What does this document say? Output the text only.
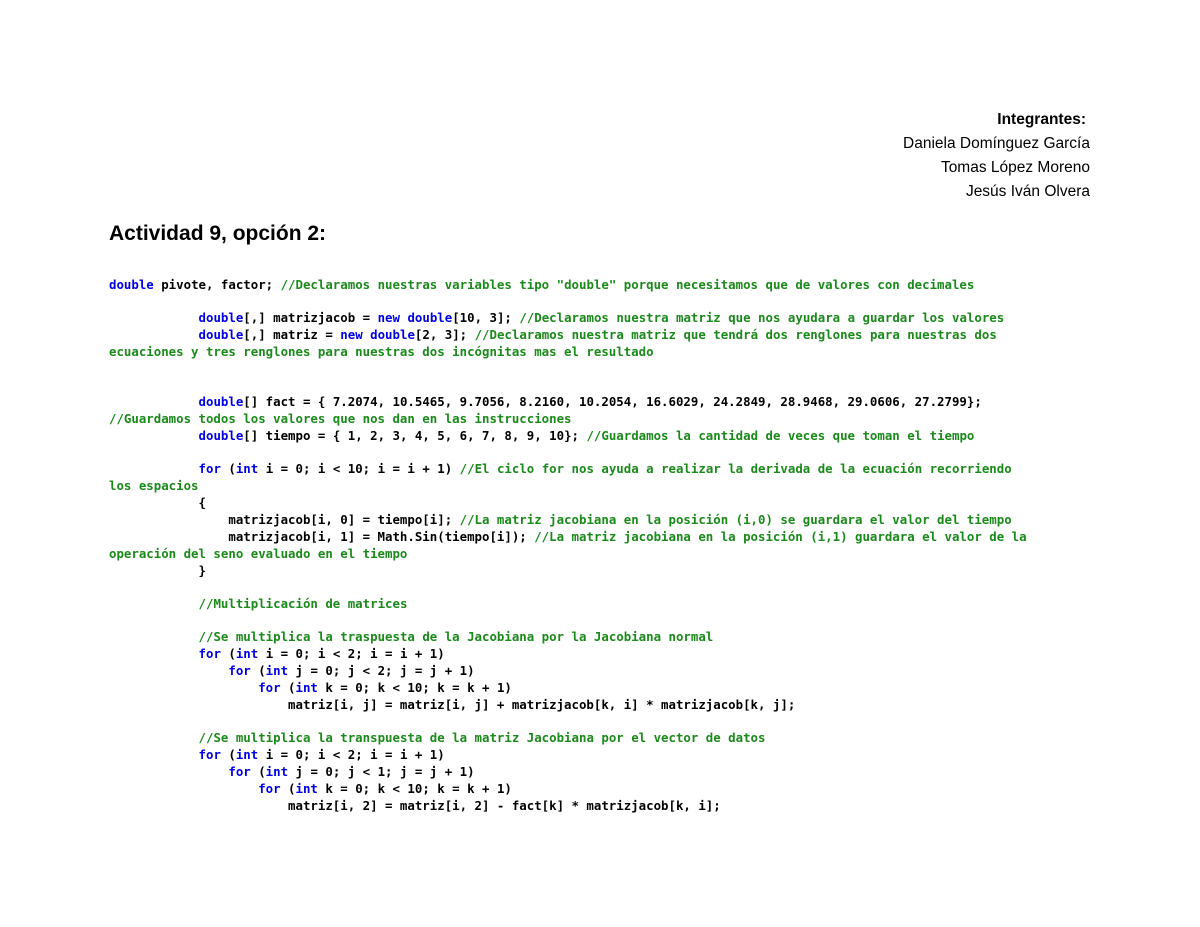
Integrantes:
Daniela Domínguez García
Tomas López Moreno
Jesús Iván Olvera
Actividad 9, opción 2:
double pivote, factor; //Declaramos nuestras variables tipo "double" porque necesitamos que de valores con decimales
double[,] matrizjacob = new double[10, 3]; //Declaramos nuestra matriz que nos ayudara a guardar los valores
double[,] matriz = new double[2, 3]; //Declaramos nuestra matriz que tendrá dos renglones para nuestras dos
ecuaciones y tres renglones para nuestras dos incógnitas mas el resultado
double[] fact = { 7.2074, 10.5465, 9.7056, 8.2160, 10.2054, 16.6029, 24.2849, 28.9468, 29.0606, 27.2799};
//Guardamos todos los valores que nos dan en las instrucciones
double[] tiempo = { 1, 2, 3, 4, 5, 6, 7, 8, 9, 10}; //Guardamos la cantidad de veces que toman el tiempo
for (int i = 0; i < 10; i = i + 1) //El ciclo for nos ayuda a realizar la derivada de la ecuación recorriendo
los espacios
{
matrizjacob[i, 0] = tiempo[i]; //La matriz jacobiana en la posición (i,0) se guardara el valor del tiempo
matrizjacob[i, 1] = Math.Sin(tiempo[i]); //La matriz jacobiana en la posición (i,1) guardara el valor de la
operación del seno evaluado en el tiempo
}
//Multiplicación de matrices
//Se multiplica la traspuesta de la Jacobiana por la Jacobiana normal
for (int i = 0; i < 2; i = i + 1)
for (int j = 0; j < 2; j = j + 1)
for (int k = 0; k < 10; k = k + 1)
matriz[i, j] = matriz[i, j] + matrizjacob[k, i] * matrizjacob[k, j];
//Se multiplica la transpuesta de la matriz Jacobiana por el vector de datos
for (int i = 0; i < 2; i = i + 1)
for (int j = 0; j < 1; j = j + 1)
for (int k = 0; k < 10; k = k + 1)
matriz[i, 2] = matriz[i, 2] - fact[k] * matrizjacob[k, i];
